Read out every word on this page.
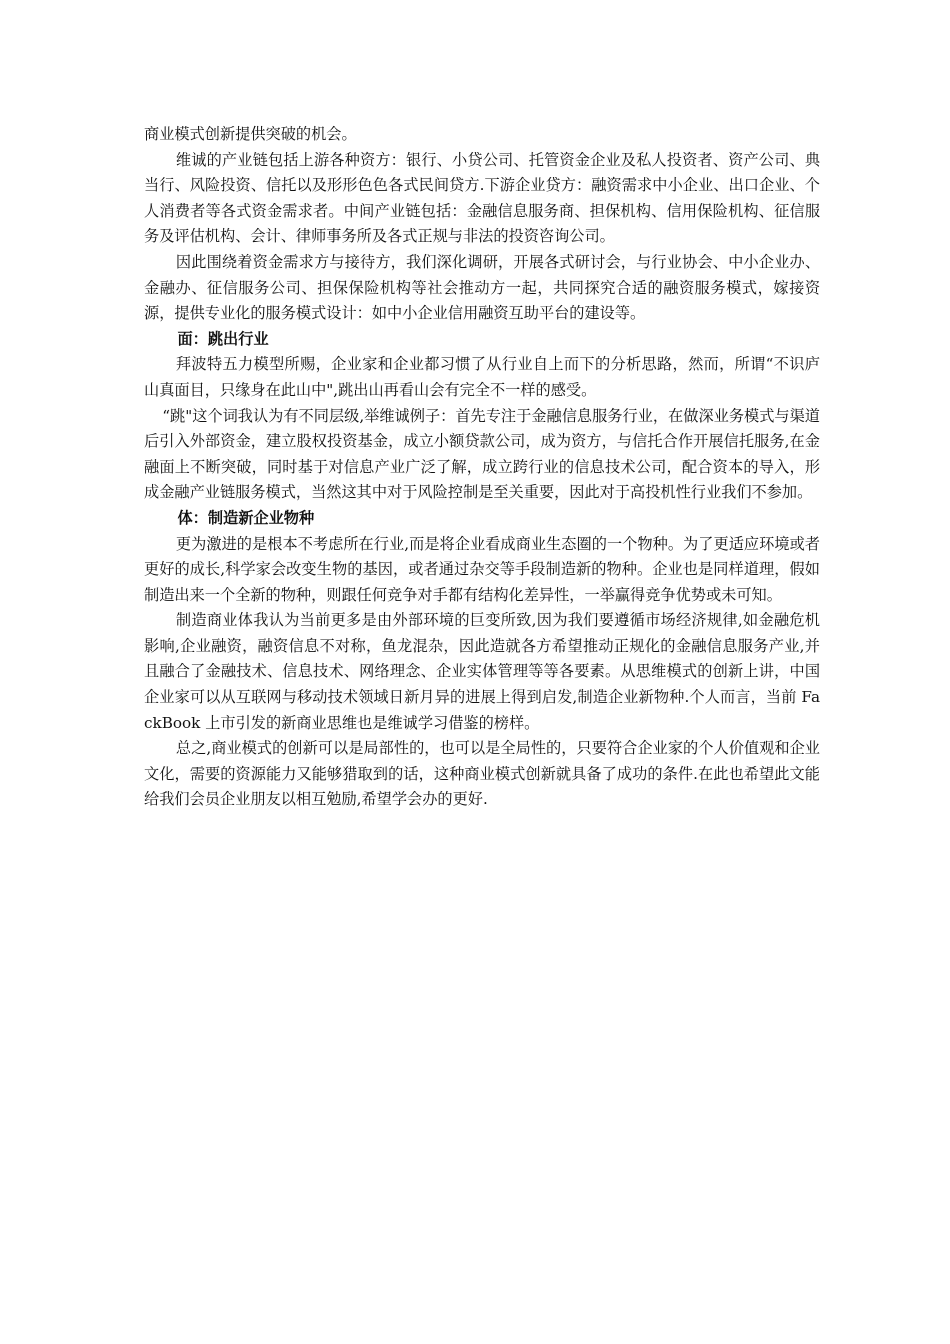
商业模式创新提供突破的机会。

维诚的产业链包括上游各种资方：银行、小贷公司、托管资金企业及私人投资者、资产公司、典当行、风险投资、信托以及形形色色各式民间贷方.下游企业贷方：融资需求中小企业、出口企业、个人消费者等各式资金需求者。中间产业链包括：金融信息服务商、担保机构、信用保险机构、征信服务及评估机构、会计、律师事务所及各式正规与非法的投资咨询公司。

因此围绕着资金需求方与接待方，我们深化调研，开展各式研讨会，与行业协会、中小企业办、金融办、征信服务公司、担保保险机构等社会推动方一起，共同探究合适的融资服务模式，嫁接资源，提供专业化的服务模式设计：如中小企业信用融资互助平台的建设等。

面：跳出行业

拜波特五力模型所赐，企业家和企业都习惯了从行业自上而下的分析思路，然而，所谓“不识庐山真面目，只缘身在此山中",跳出山再看山会有完全不一样的感受。

“跳"这个词我认为有不同层级,举维诚例子：首先专注于金融信息服务行业，在做深业务模式与渠道后引入外部资金，建立股权投资基金，成立小额贷款公司，成为资方，与信托合作开展信托服务,在金融面上不断突破，同时基于对信息产业广泛了解，成立跨行业的信息技术公司，配合资本的导入，形成金融产业链服务模式，当然这其中对于风险控制是至关重要，因此对于高投机性行业我们不参加。

体：制造新企业物种

更为激进的是根本不考虑所在行业,而是将企业看成商业生态圈的一个物种。为了更适应环境或者更好的成长,科学家会改变生物的基因，或者通过杂交等手段制造新的物种。企业也是同样道理，假如制造出来一个全新的物种，则跟任何竞争对手都有结构化差异性，一举赢得竞争优势或未可知。

制造商业体我认为当前更多是由外部环境的巨变所致,因为我们要遵循市场经济规律,如金融危机影响,企业融资，融资信息不对称，鱼龙混杂，因此造就各方希望推动正规化的金融信息服务产业,并且融合了金融技术、信息技术、网络理念、企业实体管理等等各要素。从思维模式的创新上讲，中国企业家可以从互联网与移动技术领域日新月异的进展上得到启发,制造企业新物种.个人而言，当前 FackBook 上市引发的新商业思维也是维诚学习借鉴的榜样。

总之,商业模式的创新可以是局部性的，也可以是全局性的，只要符合企业家的个人价值观和企业文化，需要的资源能力又能够猎取到的话，这种商业模式创新就具备了成功的条件.在此也希望此文能给我们会员企业朋友以相互勉励,希望学会办的更好.
